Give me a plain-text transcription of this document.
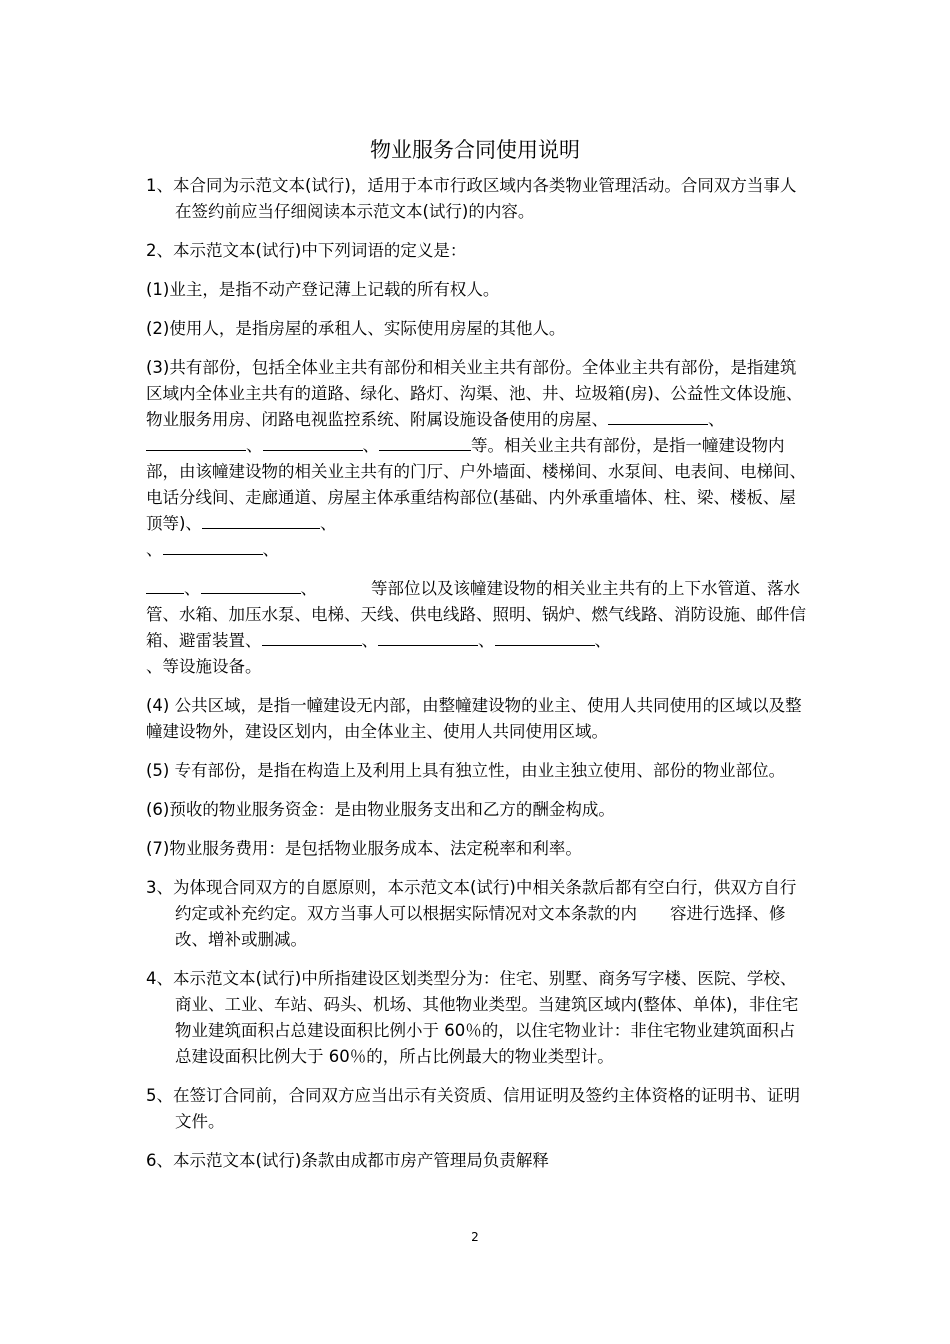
物业服务合同使用说明

1、本合同为示范文本(试行)，适用于本市行政区域内各类物业管理活动。合同双方当事人在签约前应当仔细阅读本示范文本(试行)的内容。

2、本示范文本(试行)中下列词语的定义是：

(1)业主，是指不动产登记薄上记载的所有权人。

(2)使用人，是指房屋的承租人、实际使用房屋的其他人。

(3)共有部份，包括全体业主共有部份和相关业主共有部份。全体业主共有部份，是指建筑区域内全体业主共有的道路、绿化、路灯、沟渠、池、井、垃圾箱(房)、公益性文体设施、物业服务用房、闭路电视监控系统、附属设施设备使用的房屋、	、、	、	等。相关业主共有部份，是指一幢建设物内部，由该幢建设物的相关业主共有的门厅、户外墙面、楼梯间、水泵间、电表间、电梯间、电话分线间、走廊通道、房屋主体承重结构部位(基础、内外承重墙体、柱、梁、楼板、屋顶等)、	、
、	、

、	、	等部位以及该幢建设物的相关业主共有的上下水管道、落水管、水箱、加压水泵、电梯、天线、供电线路、照明、锅炉、燃气线路、消防设施、邮件信箱、避雷装置、	、	、	、
、等设施设备。

(4) 公共区域，是指一幢建设无内部，由整幢建设物的业主、使用人共同使用的区域以及整幢建设物外，建设区划内，由全体业主、使用人共同使用区域。

(5) 专有部份，是指在构造上及利用上具有独立性，由业主独立使用、部份的物业部位。

(6)预收的物业服务资金：是由物业服务支出和乙方的酬金构成。

(7)物业服务费用：是包括物业服务成本、法定税率和利率。

3、为体现合同双方的自愿原则，本示范文本(试行)中相关条款后都有空白行，供双方自行约定或补充约定。双方当事人可以根据实际情况对文本条款的内　　容进行选择、修改、增补或删减。

4、本示范文本(试行)中所指建设区划类型分为：住宅、别墅、商务写字楼、医院、学校、商业、工业、车站、码头、机场、其他物业类型。当建筑区域内(整体、单体)，非住宅物业建筑面积占总建设面积比例小于 60％的，以住宅物业计：非住宅物业建筑面积占总建设面积比例大于 60％的，所占比例最大的物业类型计。

5、在签订合同前，合同双方应当出示有关资质、信用证明及签约主体资格的证明书、证明文件。

6、本示范文本(试行)条款由成都市房产管理局负责解释

2
